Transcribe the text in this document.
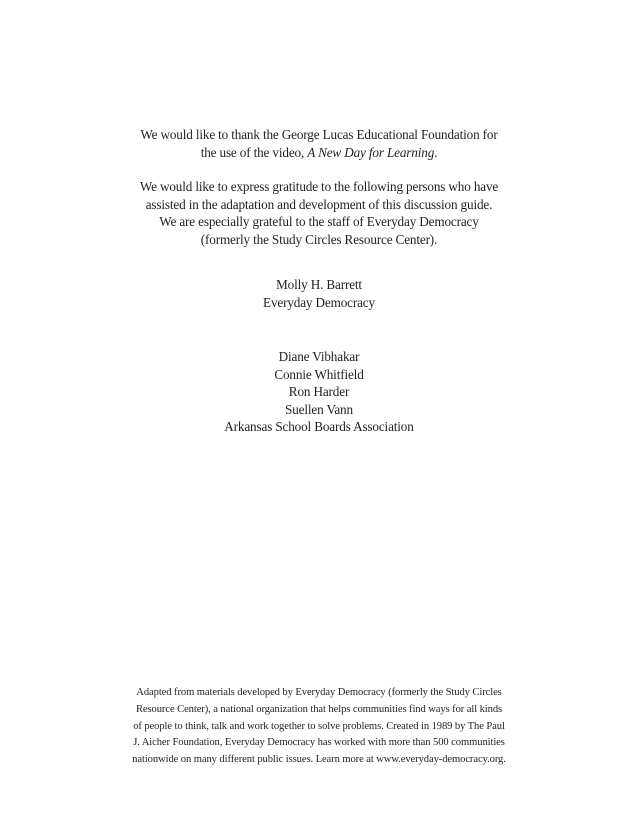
We would like to thank the George Lucas Educational Foundation for

the use of the video, A New Day for Learning.

We would like to express gratitude to the following persons who have

assisted in the adaptation and development of this discussion guide.

We are especially grateful to the staff of Everyday Democracy

(formerly the Study Circles Resource Center).

Molly H. Barrett
Everyday Democracy
Diane Vibhakar
Connie Whitfield
Ron Harder
Suellen Vann
Arkansas School Boards Association
Adapted from materials developed by Everyday Democracy (formerly the Study Circles
Resource Center), a national organization that helps communities find ways for all kinds
of people to think, talk and work together to solve problems. Created in 1989 by The Paul
J. Aicher Foundation, Everyday Democracy has worked with more than 500 communities
nationwide on many different public issues. Learn more at www.everyday-democracy.org.
